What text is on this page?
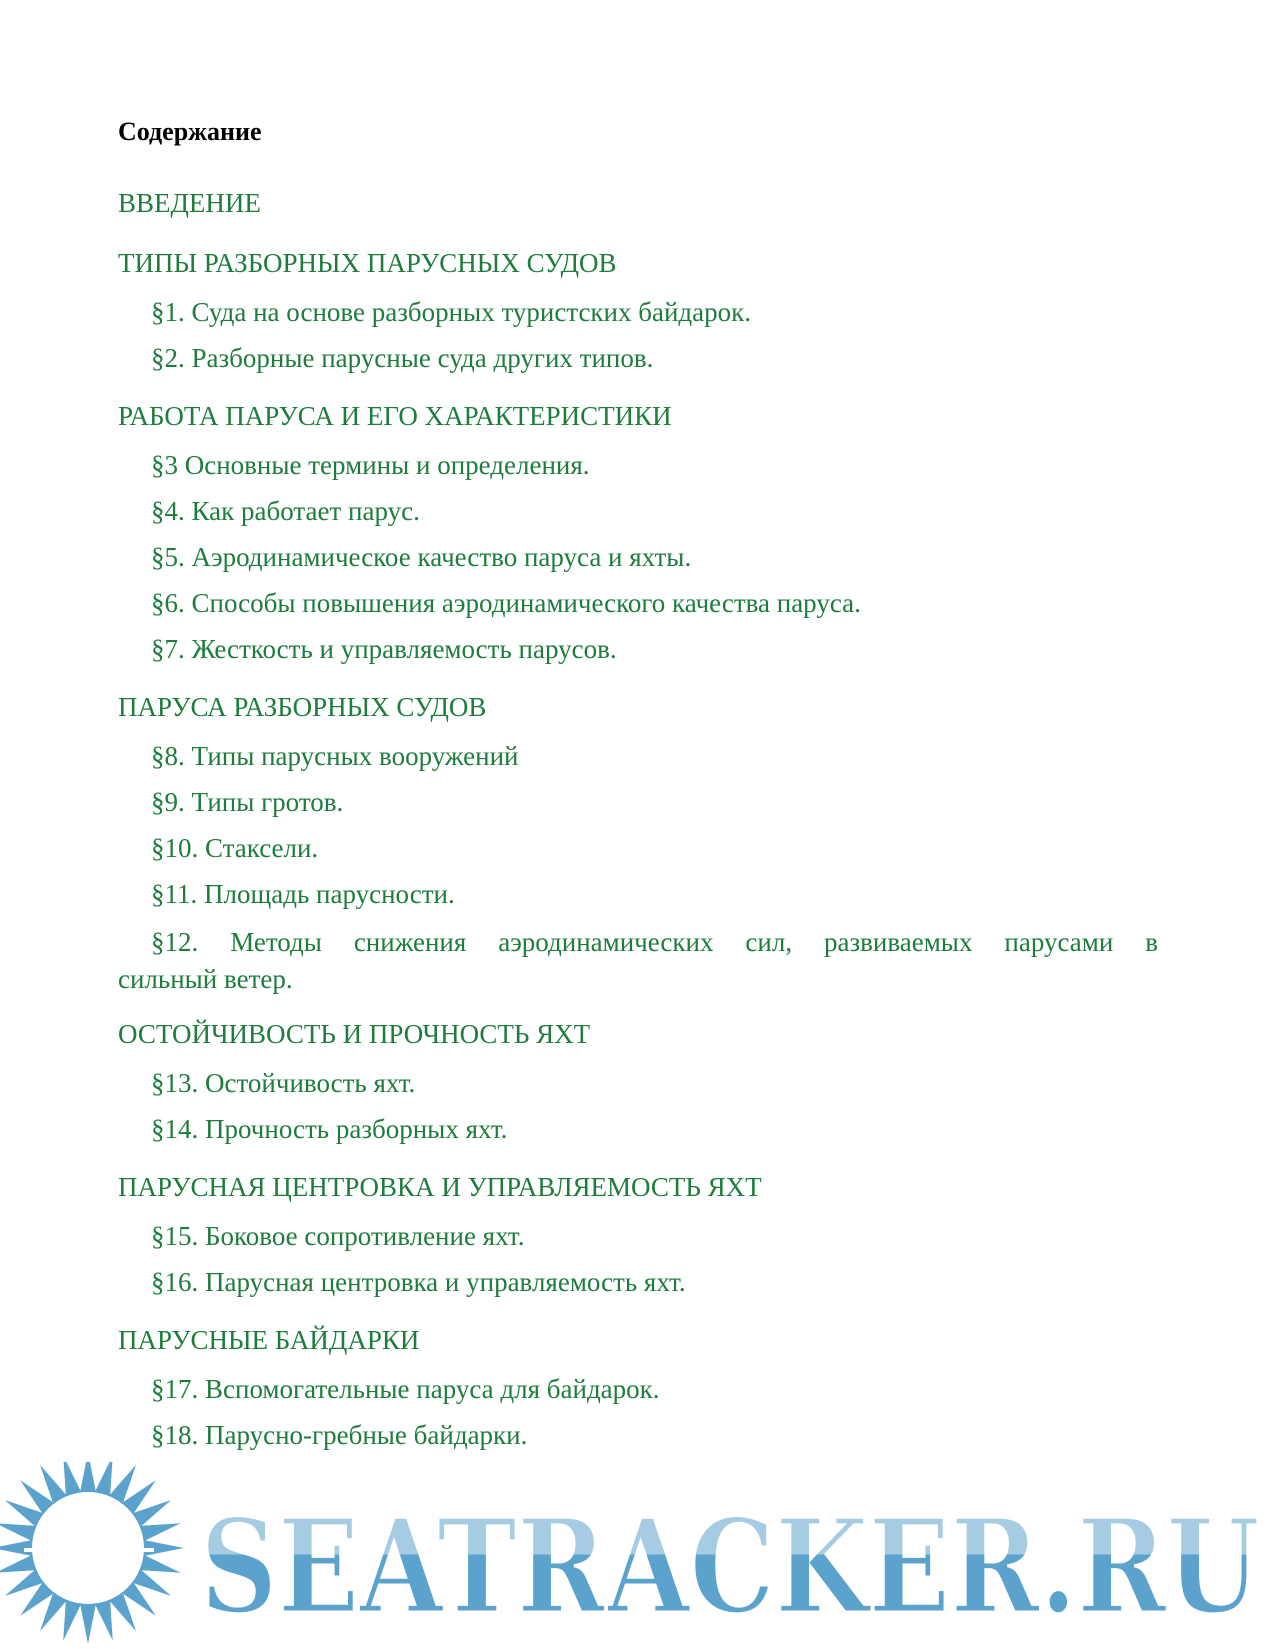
Содержание
ВВЕДЕНИЕ
ТИПЫ РАЗБОРНЫХ ПАРУСНЫХ СУДОВ
§1. Суда на основе разборных туристских байдарок.
§2. Разборные парусные суда других типов.
РАБОТА ПАРУСА И ЕГО ХАРАКТЕРИСТИКИ
§3 Основные термины и определения.
§4. Как работает парус.
§5. Аэродинамическое качество паруса и яхты.
§6. Способы повышения аэродинамического качества паруса.
§7. Жесткость и управляемость парусов.
ПАРУСА РАЗБОРНЫХ СУДОВ
§8. Типы парусных вооружений
§9. Типы гротов.
§10. Стаксели.
§11. Площадь парусности.
§12. Методы снижения аэродинамических сил, развиваемых парусами в
сильный ветер.
ОСТОЙЧИВОСТЬ И ПРОЧНОСТЬ ЯХТ
§13. Остойчивость яхт.
§14. Прочность разборных яхт.
ПАРУСНАЯ ЦЕНТРОВКА И УПРАВЛЯЕМОСТЬ ЯХТ
§15. Боковое сопротивление яхт.
§16. Парусная центровка и управляемость яхт.
ПАРУСНЫЕ БАЙДАРКИ
§17. Вспомогательные паруса для байдарок.
§18. Парусно-гребные байдарки.
SEATRACKER.RU
